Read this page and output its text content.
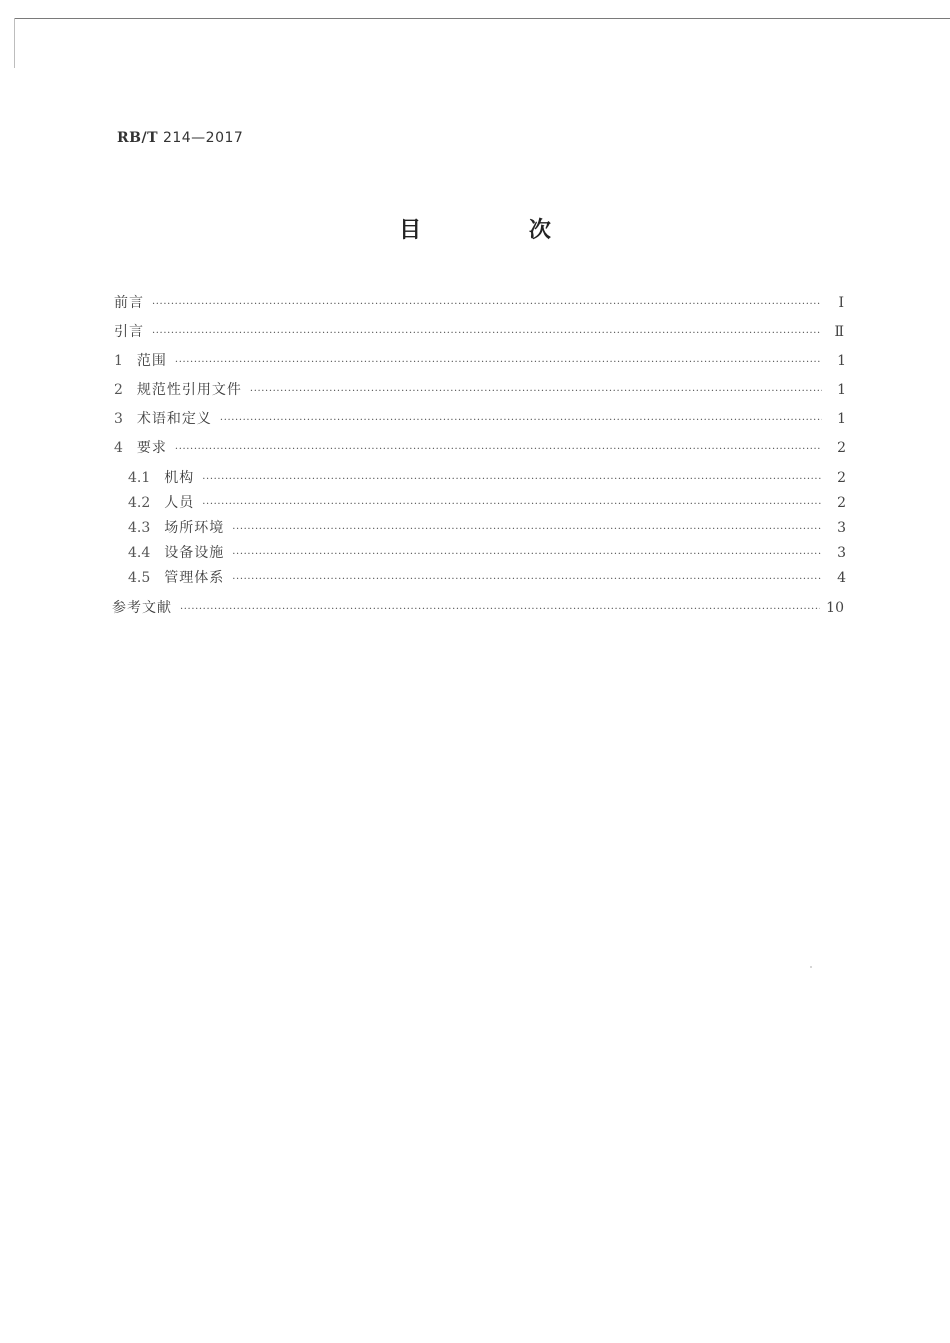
RB/T 214—2017
目 次
前言 ·····	Ⅰ
引言 ·····	Ⅱ
1 范围 ·····	1
2 规范性引用文件 ·····	1
3 术语和定义 ·····	1
4 要求 ·····	2
4.1 机构 ·····	2
4.2 人员 ·····	2
4.3 场所环境 ·····	3
4.4 设备设施 ·····	3
4.5 管理体系 ·····	4
参考文献 ·····	10
